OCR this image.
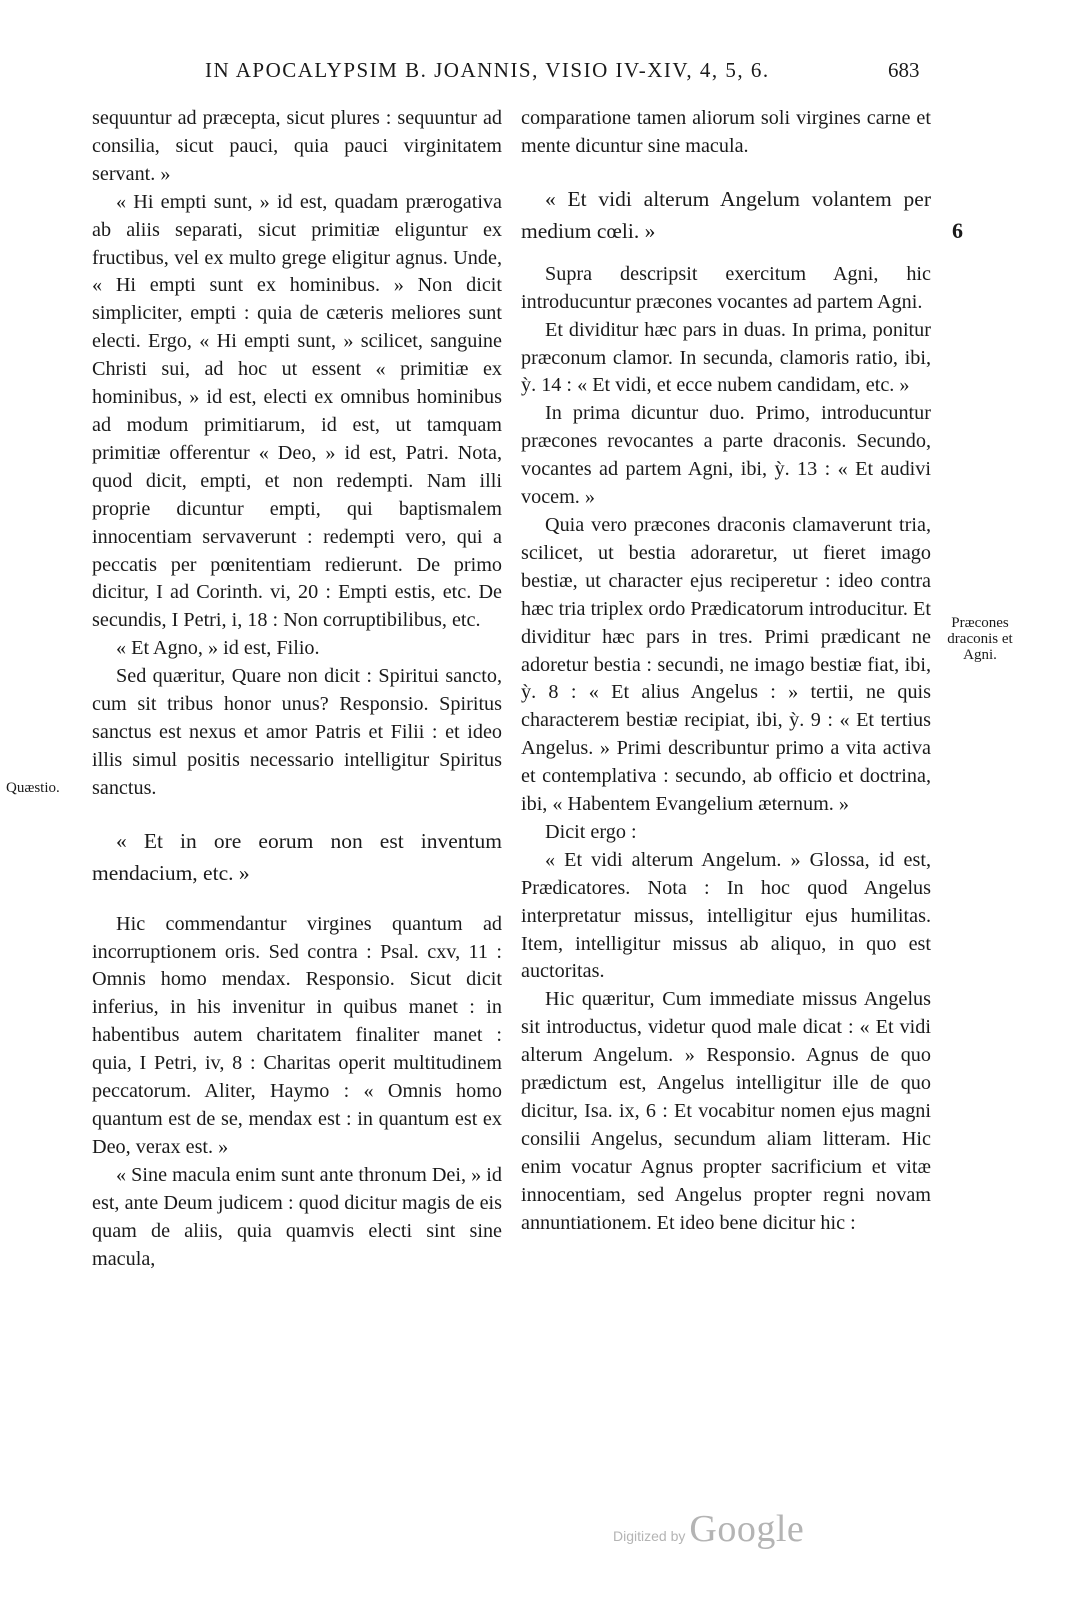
IN APOCALYPSIM B. JOANNIS, VISIO IV-XIV, 4, 5, 6.	683

sequuntur ad præcepta, sicut plures : sequuntur ad consilia, sicut pauci, quia pauci virginitatem servant. »

« Hi empti sunt, » id est, quadam prærogativa ab aliis separati, sicut primitiæ eliguntur ex fructibus, vel ex multo grege eligitur agnus. Unde, « Hi empti sunt ex hominibus. » Non dicit simpliciter, empti : quia de cæteris meliores sunt electi. Ergo, « Hi empti sunt, » scilicet, sanguine Christi sui, ad hoc ut essent « primitiæ ex hominibus, » id est, electi ex omnibus hominibus ad modum primitiarum, id est, ut tamquam primitiæ offerentur « Deo, » id est, Patri. Nota, quod dicit, empti, et non redempti. Nam illi proprie dicuntur empti, qui baptismalem innocentiam servaverunt : redempti vero, qui a peccatis per pœnitentiam redierunt. De primo dicitur, I ad Corinth. vi, 20 : Empti estis, etc. De secundis, I Petri, i, 18 : Non corruptibilibus, etc.

« Et Agno, » id est, Filio.

Sed quæritur, Quare non dicit : Spiritui sancto, cum sit tribus honor unus? Responsio. Spiritus sanctus est nexus et amor Patris et Filii : et ideo illis simul positis necessario intelligitur Spiritus sanctus.

« Et in ore eorum non est inventum mendacium, etc. »

Hic commendantur virgines quantum ad incorruptionem oris. Sed contra : Psal. cxv, 11 : Omnis homo mendax. Responsio. Sicut dicit inferius, in his invenitur in quibus manet : in habentibus autem charitatem finaliter manet : quia, I Petri, iv, 8 : Charitas operit multitudinem peccatorum. Aliter, Haymo : « Omnis homo quantum est de se, mendax est : in quantum est ex Deo, verax est. »

« Sine macula enim sunt ante thronum Dei, » id est, ante Deum judicem : quod dicitur magis de eis quam de aliis, quia quamvis electi sint sine macula,

comparatione tamen aliorum soli virgines carne et mente dicuntur sine macula.

« Et vidi alterum Angelum volantem per medium cœli. »

Supra descripsit exercitum Agni, hic introducuntur præcones vocantes ad partem Agni.

Et dividitur hæc pars in duas. In prima, ponitur præconum clamor. In secunda, clamoris ratio, ibi, ỳ. 14 : « Et vidi, et ecce nubem candidam, etc. »

In prima dicuntur duo. Primo, introducuntur præcones revocantes a parte draconis. Secundo, vocantes ad partem Agni, ibi, ỳ. 13 : « Et audivi vocem. »

Quia vero præcones draconis clamaverunt tria, scilicet, ut bestia adoraretur, ut fieret imago bestiæ, ut character ejus reciperetur : ideo contra hæc tria triplex ordo Prædicatorum introducitur. Et dividitur hæc pars in tres. Primi prædicant ne adoretur bestia : secundi, ne imago bestiæ fiat, ibi, ỳ. 8 : « Et alius Angelus : » tertii, ne quis characterem bestiæ recipiat, ibi, ỳ. 9 : « Et tertius Angelus. » Primi describuntur primo a vita activa et contemplativa : secundo, ab officio et doctrina, ibi, « Habentem Evangelium æternum. »

Dicit ergo :

« Et vidi alterum Angelum. » Glossa, id est, Prædicatores. Nota : In hoc quod Angelus interpretatur missus, intelligitur ejus humilitas. Item, intelligitur missus ab aliquo, in quo est auctoritas.

Hic quæritur, Cum immediate missus Angelus sit introductus, videtur quod male dicat : « Et vidi alterum Angelum. » Responsio. Agnus de quo prædictum est, Angelus intelligitur ille de quo dicitur, Isa. ix, 6 : Et vocabitur nomen ejus magni consilii Angelus, secundum aliam litteram. Hic enim vocatur Agnus propter sacrificium et vitæ innocentiam, sed Angelus propter regni novam annuntiationem. Et ideo bene dicitur hic :

Quæstio.
6
Præcones draconis et Agni.
Digitized by Google
